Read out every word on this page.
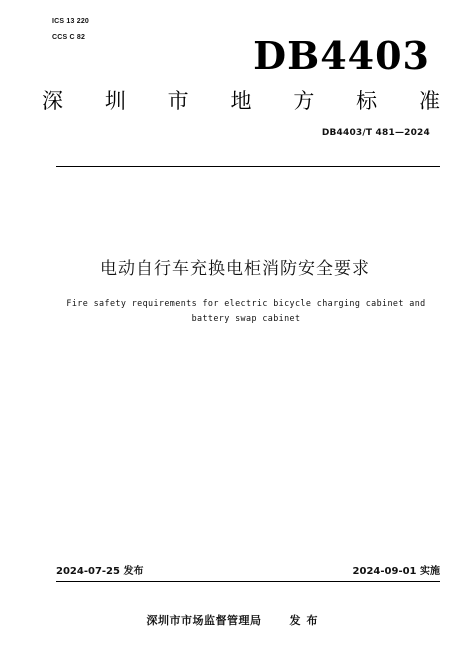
ICS 13 220
CCS C 82	DB4403
深 圳 市 地 方 标 准
DB4403/T 481—2024
电动自行车充换电柜消防安全要求
Fire safety requirements for electric bicycle charging cabinet and
battery swap cabinet
2024-07-25 发布	2024-09-01 实施
深圳市市场监督管理局	发布
